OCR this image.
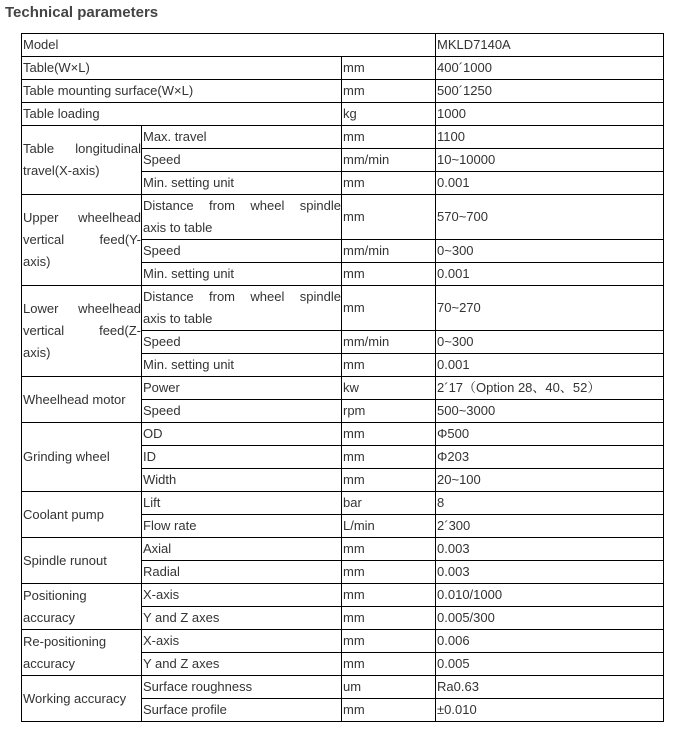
Technical parameters
Model			MKLD7140A
Table(W×L)		mm	400´1000
Table mounting surface(W×L)		mm	500´1250
Table loading		kg	1000

Table longitudinal
travel(X-axis)	Max. travel	mm	1100
	Speed	mm/min	10~10000
	Min. setting unit	mm	0.001

Upper wheelhead
vertical feed(Y-
axis)	Distance from wheel spindle
axis to table	mm	570~700
	Speed	mm/min	0~300
	Min. setting unit	mm	0.001

Lower wheelhead
vertical feed(Z-
axis)	Distance from wheel spindle
axis to table	mm	70~270
	Speed	mm/min	0~300
	Min. setting unit	mm	0.001
Wheelhead motor	Power	kw	2´17（Option 28、40、52）
	Speed	rpm	500~3000
Grinding wheel	OD	mm	Φ500
	ID	mm	Φ203
	Width	mm	20~100
Coolant pump	Lift	bar	8
	Flow rate	L/min	2´300
Spindle runout	Axial	mm	0.003
	Radial	mm	0.003

Positioning
accuracy	X-axis	mm	0.010/1000
	Y and Z axes	mm	0.005/300

Re-positioning
accuracy	X-axis	mm	0.006
	Y and Z axes	mm	0.005
Working accuracy	Surface roughness	um	Ra0.63
	Surface profile	mm	±0.010
